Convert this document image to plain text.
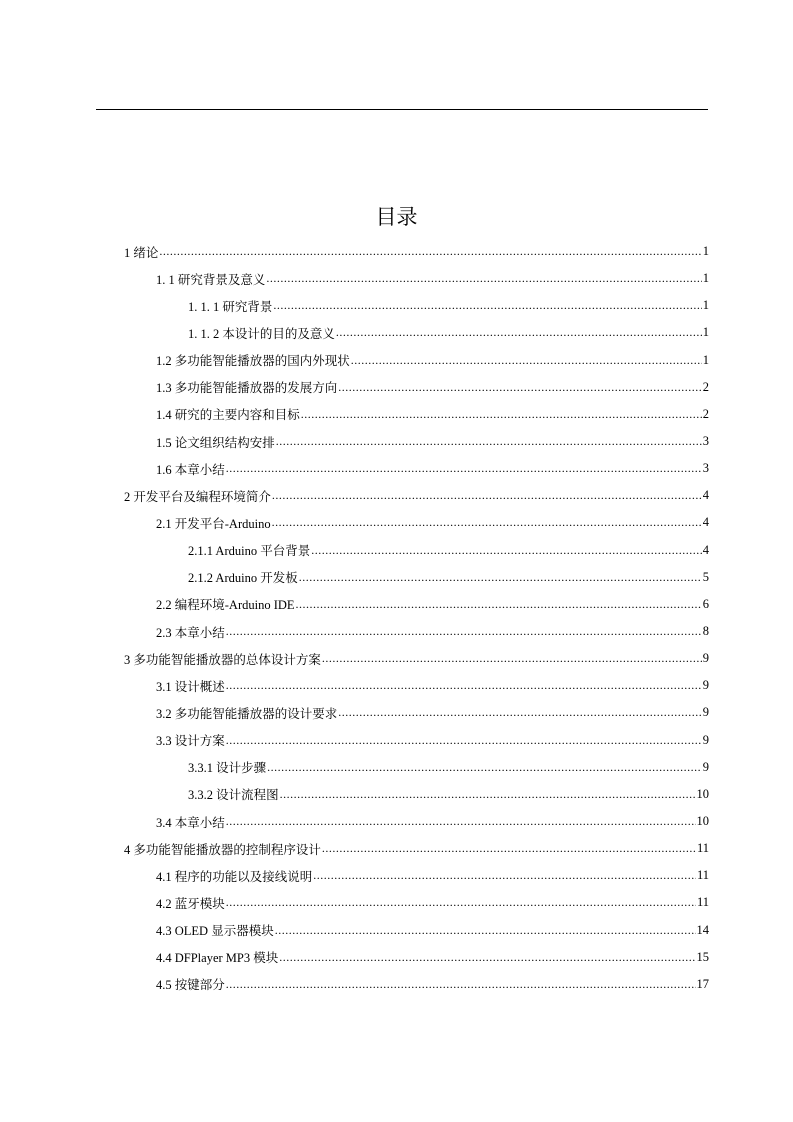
目录
1 绪论 .....	1
1. 1 研究背景及意义 .....	1
1. 1. 1 研究背景 .....	1
1. 1. 2 本设计的目的及意义 .....	1
1.2 多功能智能播放器的国内外现状 .....	1
1.3 多功能智能播放器的发展方向 .....	2
1.4 研究的主要内容和目标 .....	2
1.5 论文组织结构安排 .....	3
1.6 本章小结 .....	3
2 开发平台及编程环境简介 .....	4
2.1 开发平台-Arduino .....	4
2.1.1 Arduino 平台背景 .....	4
2.1.2 Arduino 开发板 .....	5
2.2 编程环境-Arduino IDE .....	6
2.3 本章小结 .....	8
3 多功能智能播放器的总体设计方案 .....	9
3.1 设计概述 .....	9
3.2 多功能智能播放器的设计要求 .....	9
3.3 设计方案 .....	9
3.3.1 设计步骤 .....	9
3.3.2 设计流程图 .....	10
3.4 本章小结 .....	10
4 多功能智能播放器的控制程序设计 .....	11
4.1 程序的功能以及接线说明 .....	11
4.2 蓝牙模块 .....	11
4.3 OLED 显示器模块 .....	14
4.4 DFPlayer MP3 模块 .....	15
4.5 按键部分 .....	17
